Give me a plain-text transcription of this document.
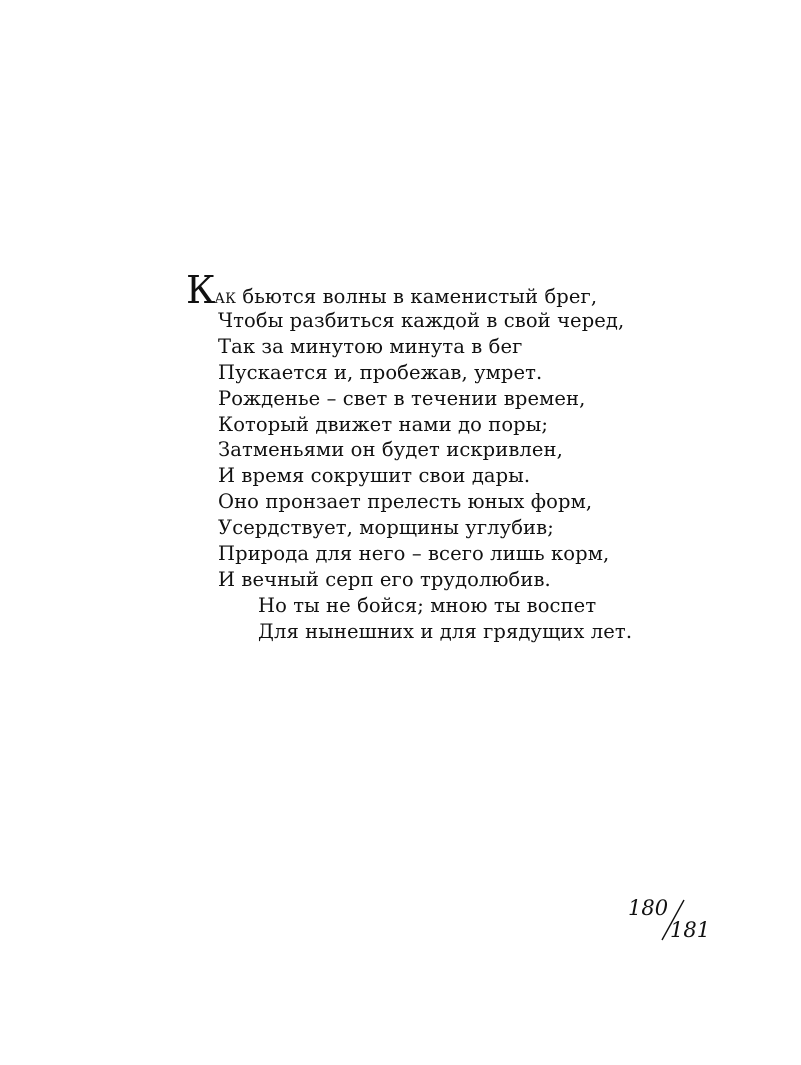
Как бьются волны в каменистый брег,
Чтобы разбиться каждой в свой черед,
Так за минутою минута в бег
Пускается и, пробежав, умрет.
Рожденье – свет в течении времен,
Который движет нами до поры;
Затменьями он будет искривлен,
И время сокрушит свои дары.
Оно пронзает прелесть юных форм,
Усердствует, морщины углубив;
Природа для него – всего лишь корм,
И вечный серп его трудолюбив.
Но ты не бойся; мною ты воспет
Для нынешних и для грядущих лет.
180
181
